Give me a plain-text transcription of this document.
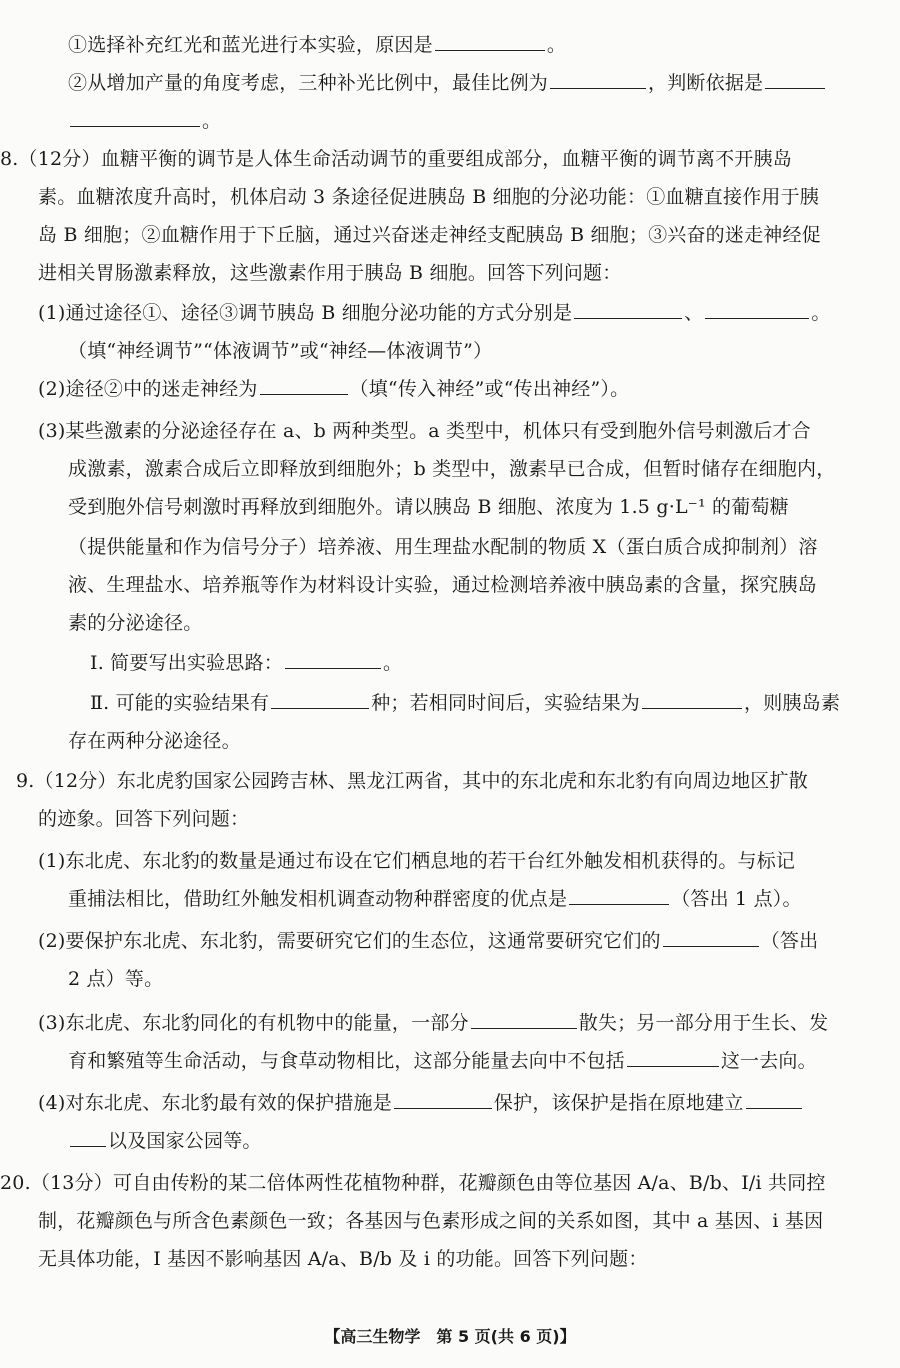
①选择补充红光和蓝光进行本实验，原因是	。
②从增加产量的角度考虑，三种补光比例中，最佳比例为	，判断依据是
。
8.（12分）血糖平衡的调节是人体生命活动调节的重要组成部分，血糖平衡的调节离不开胰岛
素。血糖浓度升高时，机体启动 3 条途径促进胰岛 B 细胞的分泌功能：①血糖直接作用于胰
岛 B 细胞；②血糖作用于下丘脑，通过兴奋迷走神经支配胰岛 B 细胞；③兴奋的迷走神经促
进相关胃肠激素释放，这些激素作用于胰岛 B 细胞。回答下列问题：
(1)通过途径①、途径③调节胰岛 B 细胞分泌功能的方式分别是	、	。
（填“神经调节”“体液调节”或“神经—体液调节”）
(2)途径②中的迷走神经为	（填“传入神经”或“传出神经”）。
(3)某些激素的分泌途径存在 a、b 两种类型。a 类型中，机体只有受到胞外信号刺激后才合
成激素，激素合成后立即释放到细胞外；b 类型中，激素早已合成，但暂时储存在细胞内，
受到胞外信号刺激时再释放到细胞外。请以胰岛 B 细胞、浓度为 1.5 g·L⁻¹ 的葡萄糖
（提供能量和作为信号分子）培养液、用生理盐水配制的物质 X（蛋白质合成抑制剂）溶
液、生理盐水、培养瓶等作为材料设计实验，通过检测培养液中胰岛素的含量，探究胰岛
素的分泌途径。
Ⅰ. 简要写出实验思路：	。
Ⅱ. 可能的实验结果有	种；若相同时间后，实验结果为	，则胰岛素
存在两种分泌途径。
9.（12分）东北虎豹国家公园跨吉林、黑龙江两省，其中的东北虎和东北豹有向周边地区扩散
的迹象。回答下列问题：
(1)东北虎、东北豹的数量是通过布设在它们栖息地的若干台红外触发相机获得的。与标记
重捕法相比，借助红外触发相机调查动物种群密度的优点是	（答出 1 点）。
(2)要保护东北虎、东北豹，需要研究它们的生态位，这通常要研究它们的	（答出
2 点）等。
(3)东北虎、东北豹同化的有机物中的能量，一部分	散失；另一部分用于生长、发
育和繁殖等生命活动，与食草动物相比，这部分能量去向中不包括	这一去向。
(4)对东北虎、东北豹最有效的保护措施是	保护，该保护是指在原地建立
以及国家公园等。
20.（13分）可自由传粉的某二倍体两性花植物种群，花瓣颜色由等位基因 A/a、B/b、I/i 共同控
制，花瓣颜色与所含色素颜色一致；各基因与色素形成之间的关系如图，其中 a 基因、i 基因
无具体功能，I 基因不影响基因 A/a、B/b 及 i 的功能。回答下列问题：
【高三生物学　第 5 页(共 6 页)】
